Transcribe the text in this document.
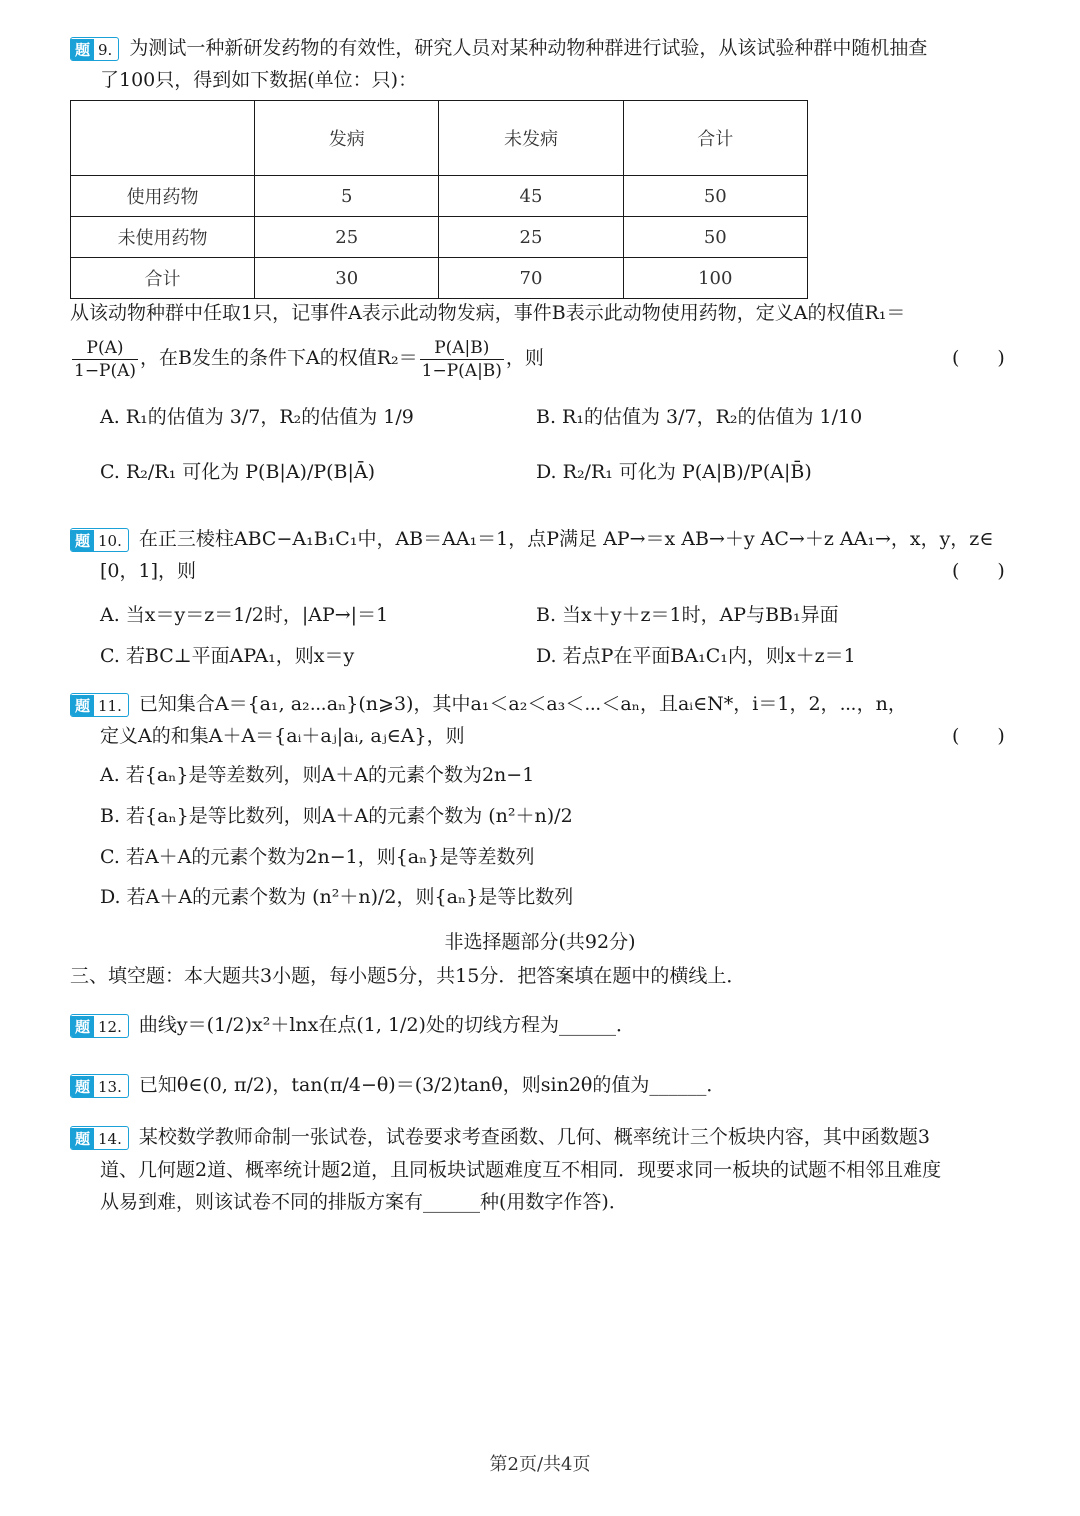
题 9. 为测试一种新研发药物的有效性，研究人员对某种动物种群进行试验，从该试验种群中随机抽查
了100只，得到如下数据(单位：只)：
	发病	未发病	合计
使用药物	5	45	50
未使用药物	25	25	50
合计	30	70	100
从该动物种群中任取1只，记事件A表示此动物发病，事件B表示此动物使用药物，定义A的权值R₁＝
$\frac{P(A)}{1-P(A)}$ ，在B发生的条件下A的权值$R_2= \frac{P(A|B)}{1-P(A|B)}$ ，则	(　　)
A. R₁的估值为 3/7，R₂的估值为 1/9	B. R₁的估值为 3/7，R₂的估值为 1/10
C. R₂/R₁ 可化为 P(B|A)/P(B|Ā)	D. R₂/R₁ 可化为 P(A|B)/P(A|B̄)
题 10. 在正三棱柱ABC−A₁B₁C₁中，AB＝AA₁＝1，点P满足 AP→＝x AB→＋y AC→＋z AA₁→，x，y，z∈
[0，1]，则	(　　)
A. 当x＝y＝z＝1/2时，|AP→|＝1	B. 当x＋y＋z＝1时，AP与BB₁异面
C. 若BC⊥平面APA₁，则x＝y	D. 若点P在平面BA₁C₁内，则x＋z＝1
题 11. 已知集合A＝{a₁, a₂⋯aₙ}(n⩾3)，其中a₁＜a₂＜a₃＜⋯＜aₙ，且aᵢ∈N*，i＝1，2，⋯，n，
定义A的和集A＋A＝{aᵢ＋aⱼ|aᵢ, aⱼ∈A}，则	(　　)
A. 若{aₙ}是等差数列，则A＋A的元素个数为2n−1
B. 若{aₙ}是等比数列，则A＋A的元素个数为 (n²＋n)/2
C. 若A＋A的元素个数为2n−1，则{aₙ}是等差数列
D. 若A＋A的元素个数为 (n²＋n)/2，则{aₙ}是等比数列
非选择题部分(共92分)
三、填空题：本大题共3小题，每小题5分，共15分．把答案填在题中的横线上．
题 12. 曲线y＝(1/2)x²＋lnx在点(1, 1/2)处的切线方程为______．
题 13. 已知θ∈(0, π/2)，tan(π/4−θ)＝(3/2)tanθ，则sin2θ的值为______．
题 14. 某校数学教师命制一张试卷，试卷要求考查函数、几何、概率统计三个板块内容，其中函数题3
道、几何题2道、概率统计题2道，且同板块试题难度互不相同．现要求同一板块的试题不相邻且难度
从易到难，则该试卷不同的排版方案有______种(用数字作答)．
第2页/共4页
